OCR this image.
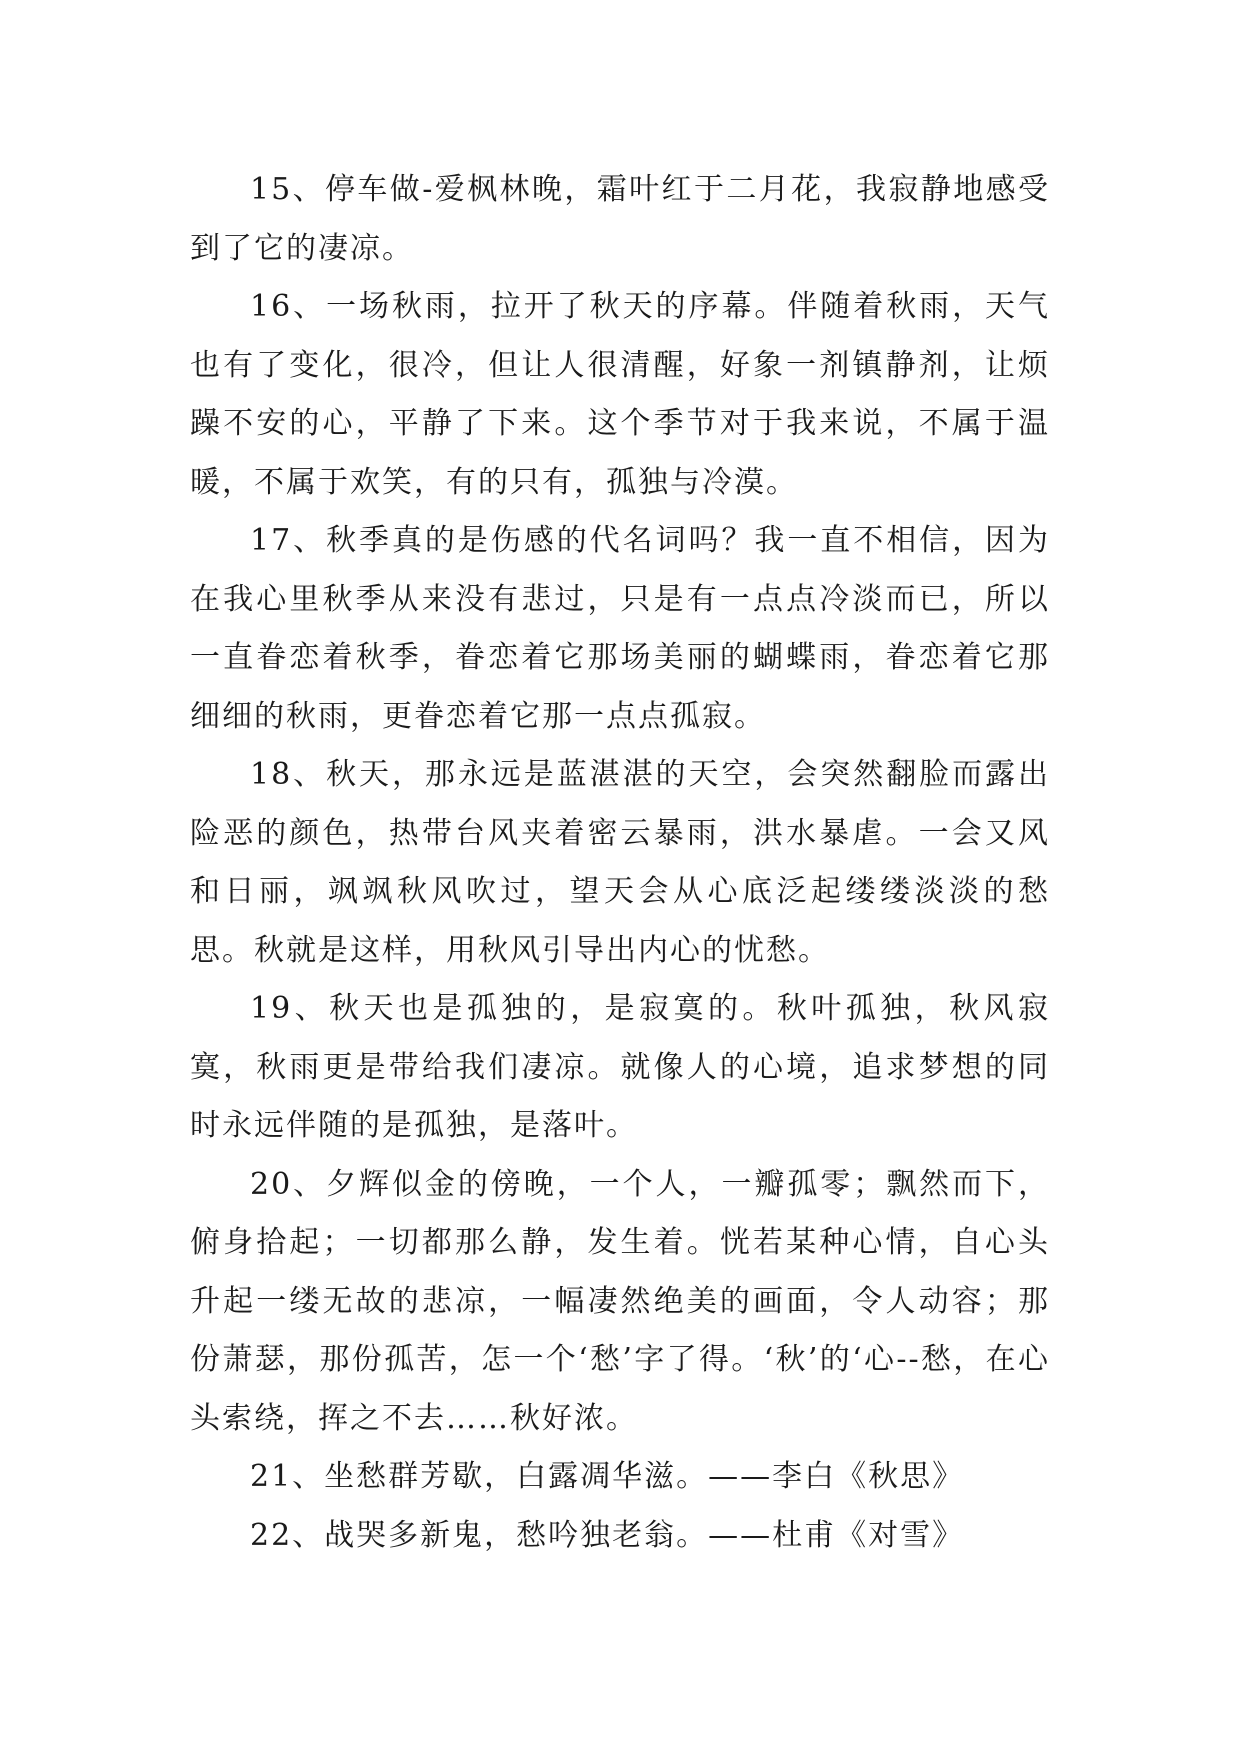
15、停车做-爱枫林晚，霜叶红于二月花，我寂静地感受到了它的凄凉。

16、一场秋雨，拉开了秋天的序幕。伴随着秋雨，天气也有了变化，很冷，但让人很清醒，好象一剂镇静剂，让烦躁不安的心，平静了下来。这个季节对于我来说，不属于温暖，不属于欢笑，有的只有，孤独与冷漠。

17、秋季真的是伤感的代名词吗？我一直不相信，因为在我心里秋季从来没有悲过，只是有一点点冷淡而已，所以一直眷恋着秋季，眷恋着它那场美丽的蝴蝶雨，眷恋着它那细细的秋雨，更眷恋着它那一点点孤寂。

18、秋天，那永远是蓝湛湛的天空，会突然翻脸而露出险恶的颜色，热带台风夹着密云暴雨，洪水暴虐。一会又风和日丽，飒飒秋风吹过，望天会从心底泛起缕缕淡淡的愁思。秋就是这样，用秋风引导出内心的忧愁。

19、秋天也是孤独的，是寂寞的。秋叶孤独，秋风寂寞，秋雨更是带给我们凄凉。就像人的心境，追求梦想的同时永远伴随的是孤独，是落叶。

20、夕辉似金的傍晚，一个人，一瓣孤零；飘然而下，俯身拾起；一切都那么静，发生着。恍若某种心情，自心头升起一缕无故的悲凉，一幅凄然绝美的画面，令人动容；那份萧瑟，那份孤苦，怎一个‘愁’字了得。‘秋’的‘心--愁，在心头索绕，挥之不去……秋好浓。

21、坐愁群芳歇，白露凋华滋。——李白《秋思》

22、战哭多新鬼，愁吟独老翁。——杜甫《对雪》
